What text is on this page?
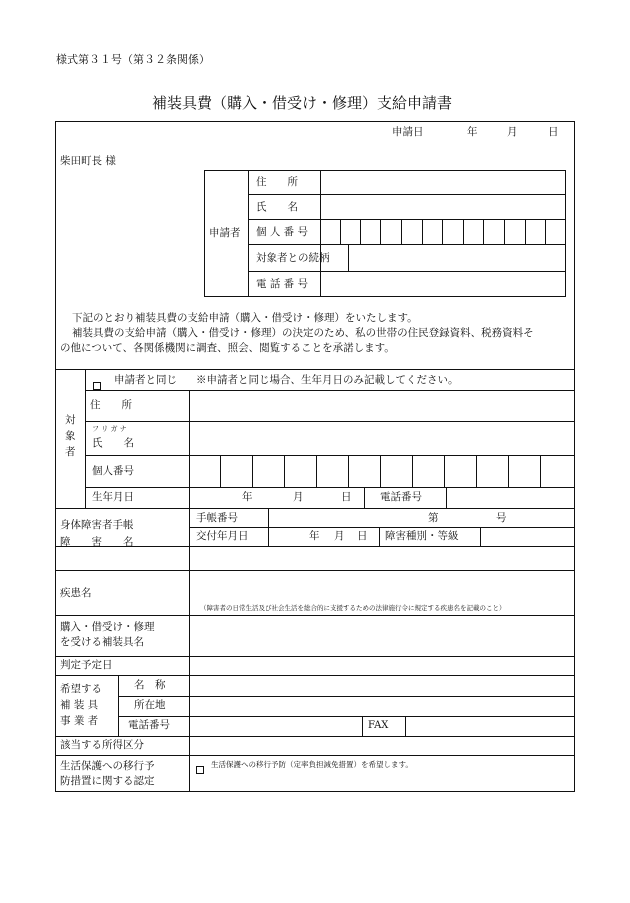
様式第３１号（第３２条関係）
補装具費（購入・借受け・修理）支給申請書
申請日	年	月	日
柴田町長 様
申請者
住　　所
氏　　名
個 人 番 号
対象者との続柄
電 話 番 号
下記のとおり補装具費の支給申請（購入・借受け・修理）をいたします。
補装具費の支給申請（購入・借受け・修理）の決定のため、私の世帯の住民登録資料、税務資料そ
の他について、各関係機関に調査、照会、閲覧することを承諾します。
対
象
者
申請者と同じ ※申請者と同じ場合、生年月日のみ記載してください。
住　　所
フ リ ガ ナ
氏　　名
個人番号
生年月日	年	月	日	電話番号
身体障害者手帳
障　　害　　名
手帳番号	第	号
交付年月日	年 月 日 障害種別・等級
疾患名
（障害者の日常生活及び社会生活を総合的に支援するための法律施行令に規定する疾患名を記載のこと）
購入・借受け・修理
を受ける補装具名
判定予定日
希望する
補 装 具
事 業 者
名　称
所在地
電話番号	FAX
該当する所得区分
生活保護への移行予
防措置に関する認定
生活保護への移行予防（定率負担減免措置）を希望します。
